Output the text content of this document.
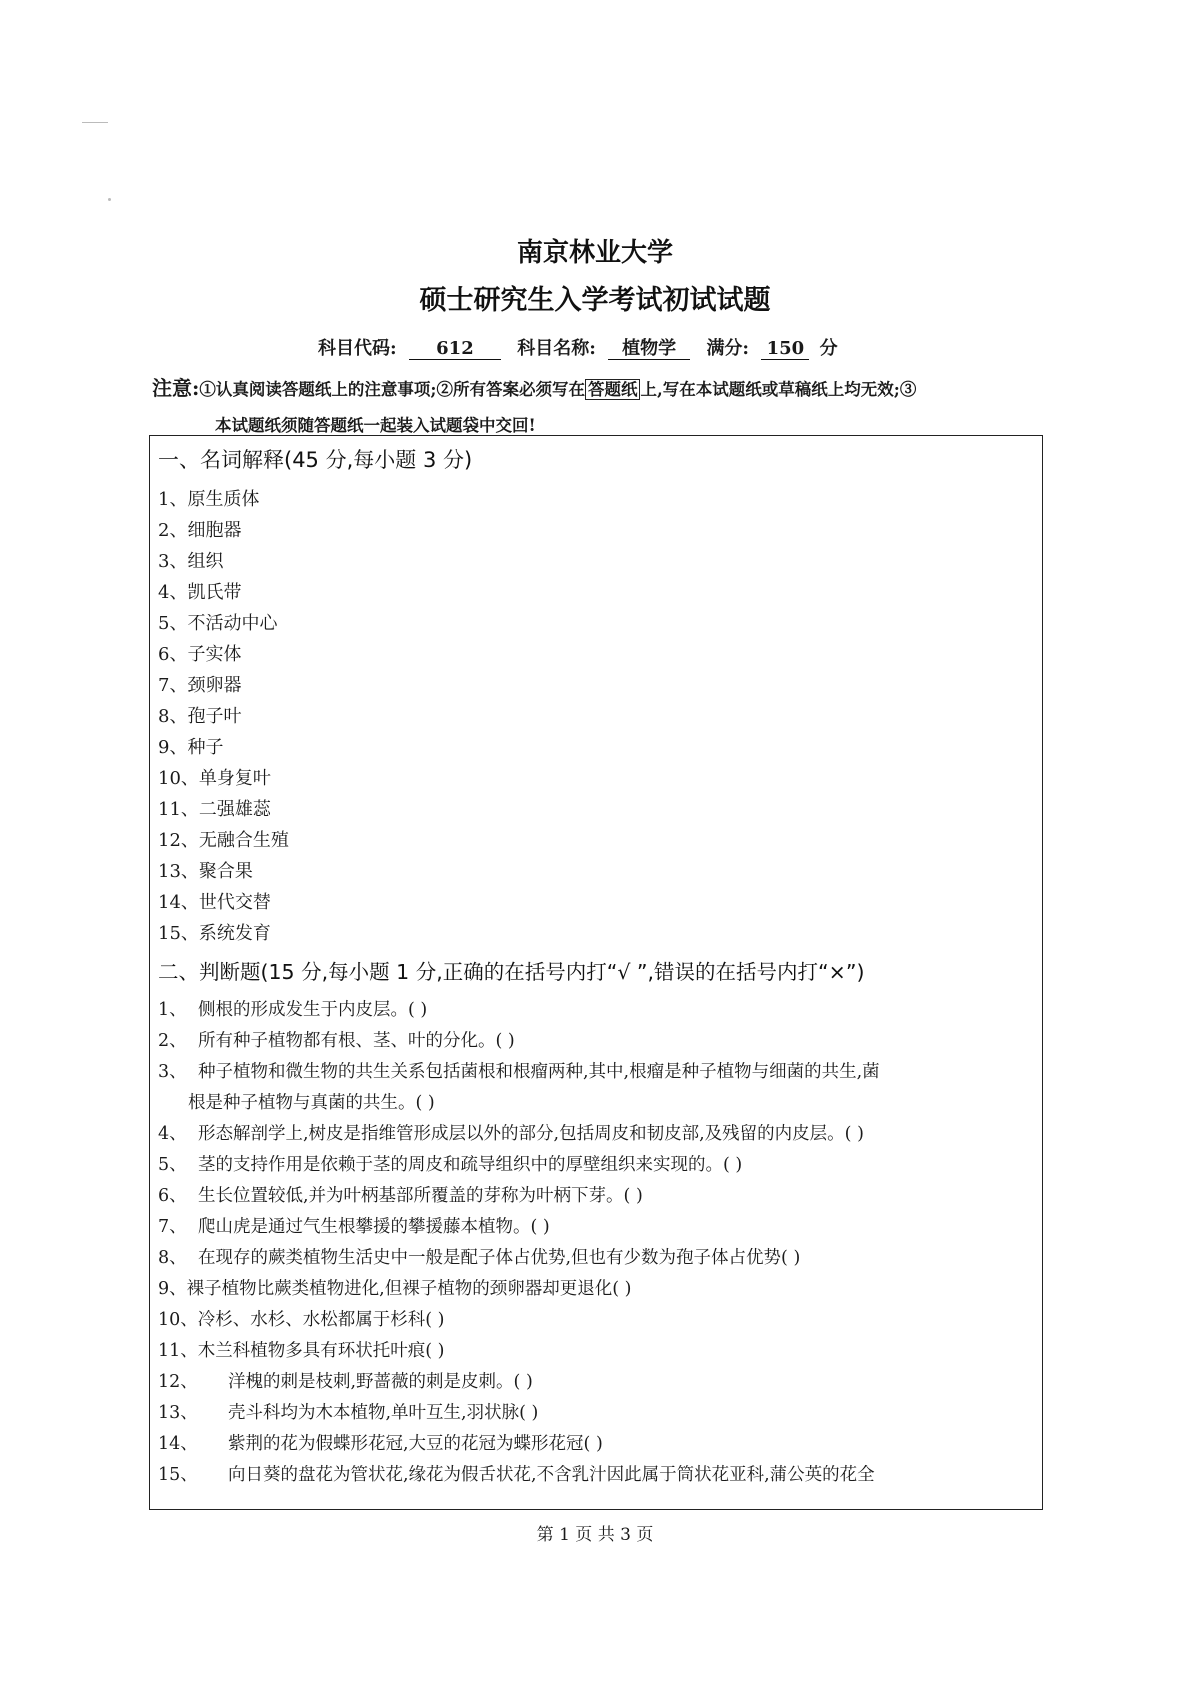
南京林业大学
硕士研究生入学考试初试试题
科目代码: 612 科目名称: 植物学 满分: 150 分
注意:①认真阅读答题纸上的注意事项;②所有答案必须写在 答题纸 上,写在本试题纸或草稿纸上均无效;③
本试题纸须随答题纸一起装入试题袋中交回!
一、名词解释(45 分,每小题 3 分)
1、原生质体
2、细胞器
3、组织
4、凯氏带
5、不活动中心
6、子实体
7、颈卵器
8、孢子叶
9、种子
10、单身复叶
11、二强雄蕊
12、无融合生殖
13、聚合果
14、世代交替
15、系统发育
二、判断题(15 分,每小题 1 分,正确的在括号内打“√ ”,错误的在括号内打“×”)
1、 侧根的形成发生于内皮层。( )
2、 所有种子植物都有根、茎、叶的分化。( )
3、 种子植物和微生物的共生关系包括菌根和根瘤两种,其中,根瘤是种子植物与细菌的共生,菌
根是种子植物与真菌的共生。( )
4、 形态解剖学上,树皮是指维管形成层以外的部分,包括周皮和韧皮部,及残留的内皮层。( )
5、 茎的支持作用是依赖于茎的周皮和疏导组织中的厚壁组织来实现的。( )
6、 生长位置较低,并为叶柄基部所覆盖的芽称为叶柄下芽。( )
7、 爬山虎是通过气生根攀援的攀援藤本植物。( )
8、 在现存的蕨类植物生活史中一般是配子体占优势,但也有少数为孢子体占优势( )
9、裸子植物比蕨类植物进化,但裸子植物的颈卵器却更退化( )
10、冷杉、水杉、水松都属于杉科( )
11、木兰科植物多具有环状托叶痕( )
12、 洋槐的刺是枝刺,野蔷薇的刺是皮刺。( )
13、 壳斗科均为木本植物,单叶互生,羽状脉( )
14、 紫荆的花为假蝶形花冠,大豆的花冠为蝶形花冠( )
15、 向日葵的盘花为管状花,缘花为假舌状花,不含乳汁因此属于筒状花亚科,蒲公英的花全
第 1 页 共 3 页
